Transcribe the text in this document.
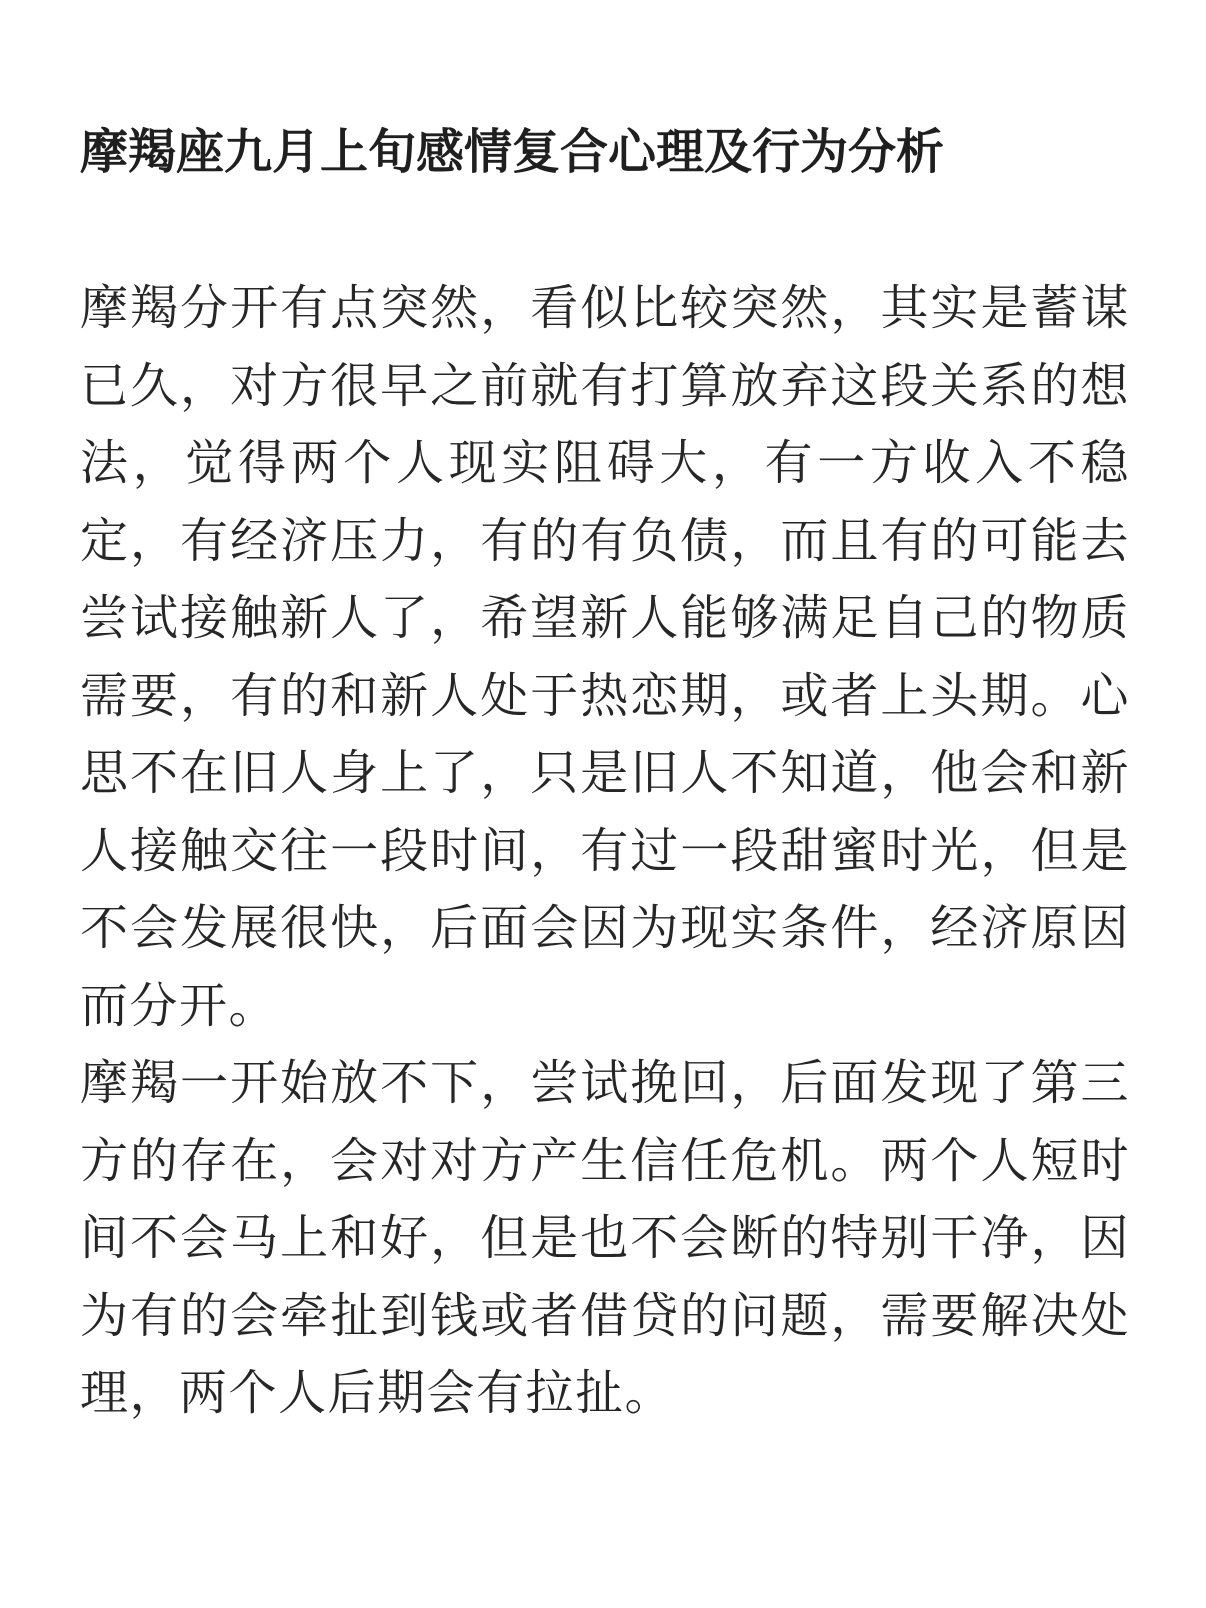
摩羯座九月上旬感情复合心理及行为分析

摩羯分开有点突然，看似比较突然，其实是蓄谋已久，对方很早之前就有打算放弃这段关系的想法，觉得两个人现实阻碍大，有一方收入不稳定，有经济压力，有的有负债，而且有的可能去尝试接触新人了，希望新人能够满足自己的物质需要，有的和新人处于热恋期，或者上头期。心思不在旧人身上了，只是旧人不知道，他会和新人接触交往一段时间，有过一段甜蜜时光，但是不会发展很快，后面会因为现实条件，经济原因而分开。

摩羯一开始放不下，尝试挽回，后面发现了第三方的存在，会对对方产生信任危机。两个人短时间不会马上和好，但是也不会断的特别干净，因为有的会牵扯到钱或者借贷的问题，需要解决处理，两个人后期会有拉扯。
